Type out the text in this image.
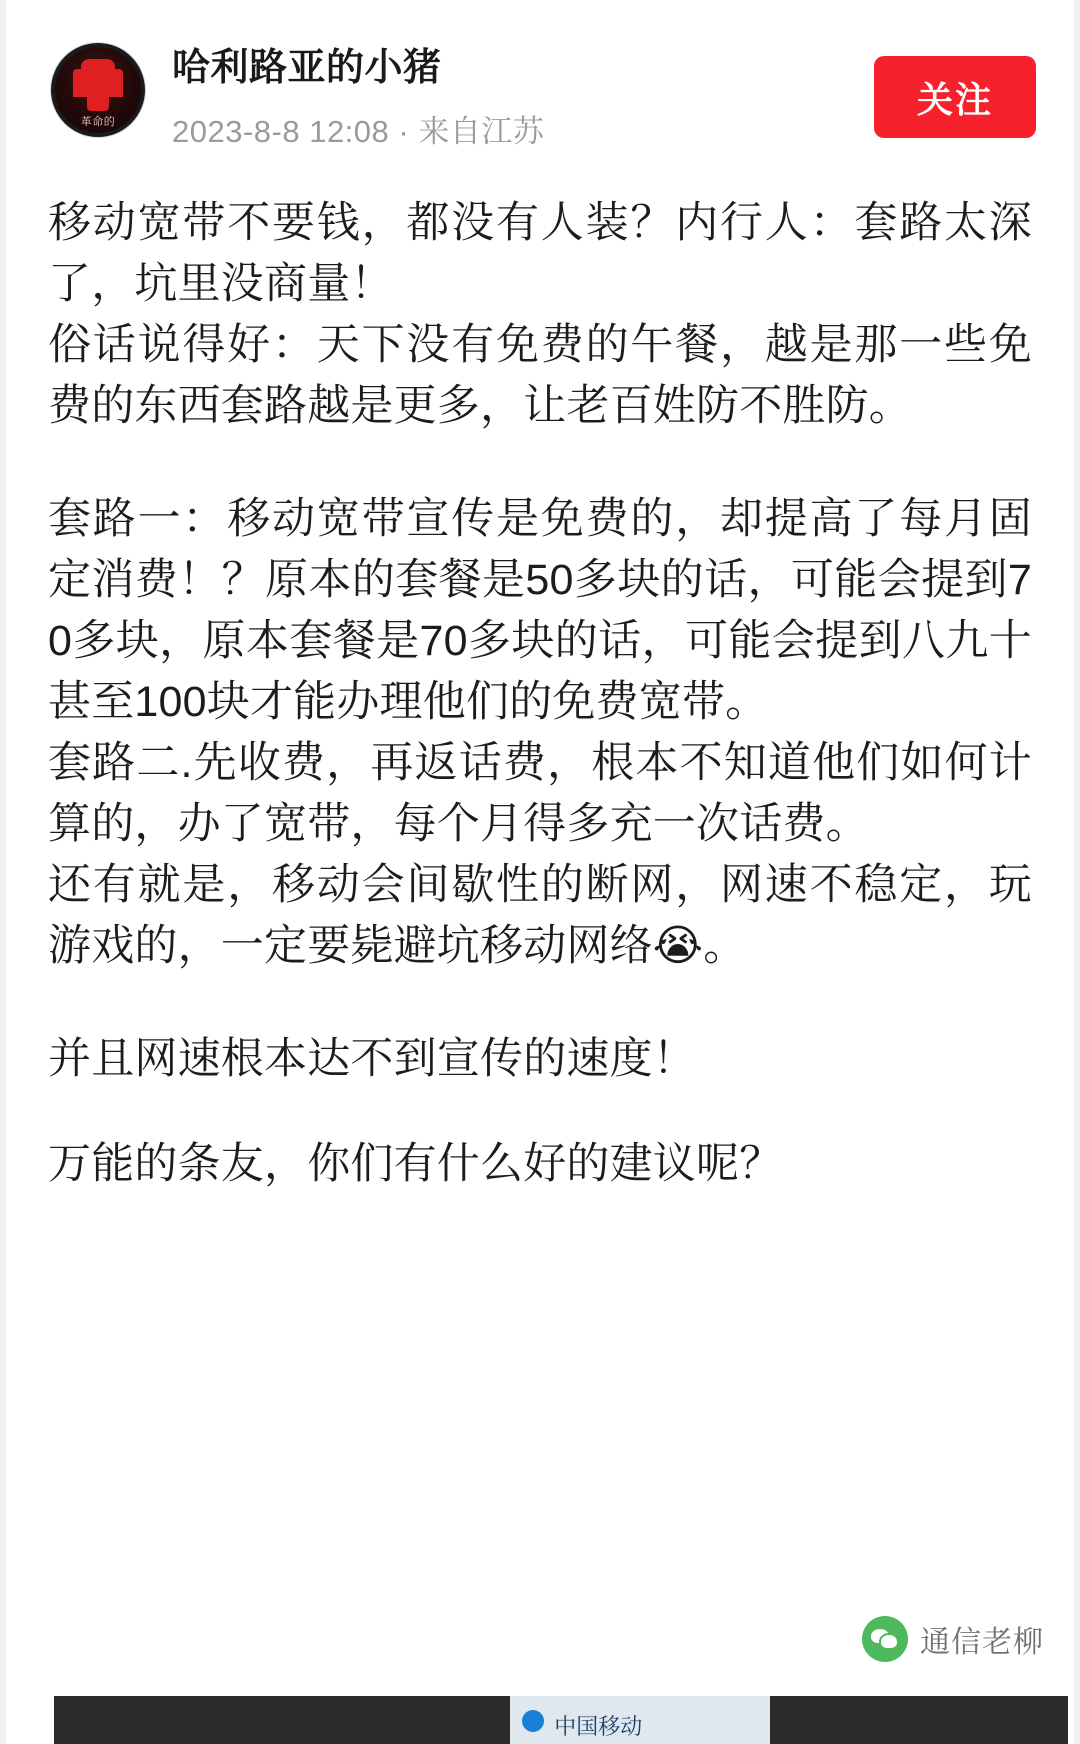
革命的
哈利路亚的小猪
2023-8-8 12:08 · 来自江苏
关注

移动宽带不要钱，都没有人装？内行人：套路太深了，坑里没商量！

俗话说得好：天下没有免费的午餐，越是那一些免费的东西套路越是更多，让老百姓防不胜防。

套路一：移动宽带宣传是免费的，却提高了每月固定消费！？原本的套餐是50多块的话，可能会提到70多块，原本套餐是70多块的话，可能会提到八九十甚至100块才能办理他们的免费宽带。

套路二.先收费，再返话费，根本不知道他们如何计算的，办了宽带，每个月得多充一次话费。

还有就是，移动会间歇性的断网，网速不稳定，玩游戏的，一定要毙避坑移动网络😭。

并且网速根本达不到宣传的速度！

万能的条友，你们有什么好的建议呢？

通信老柳
中国移动
